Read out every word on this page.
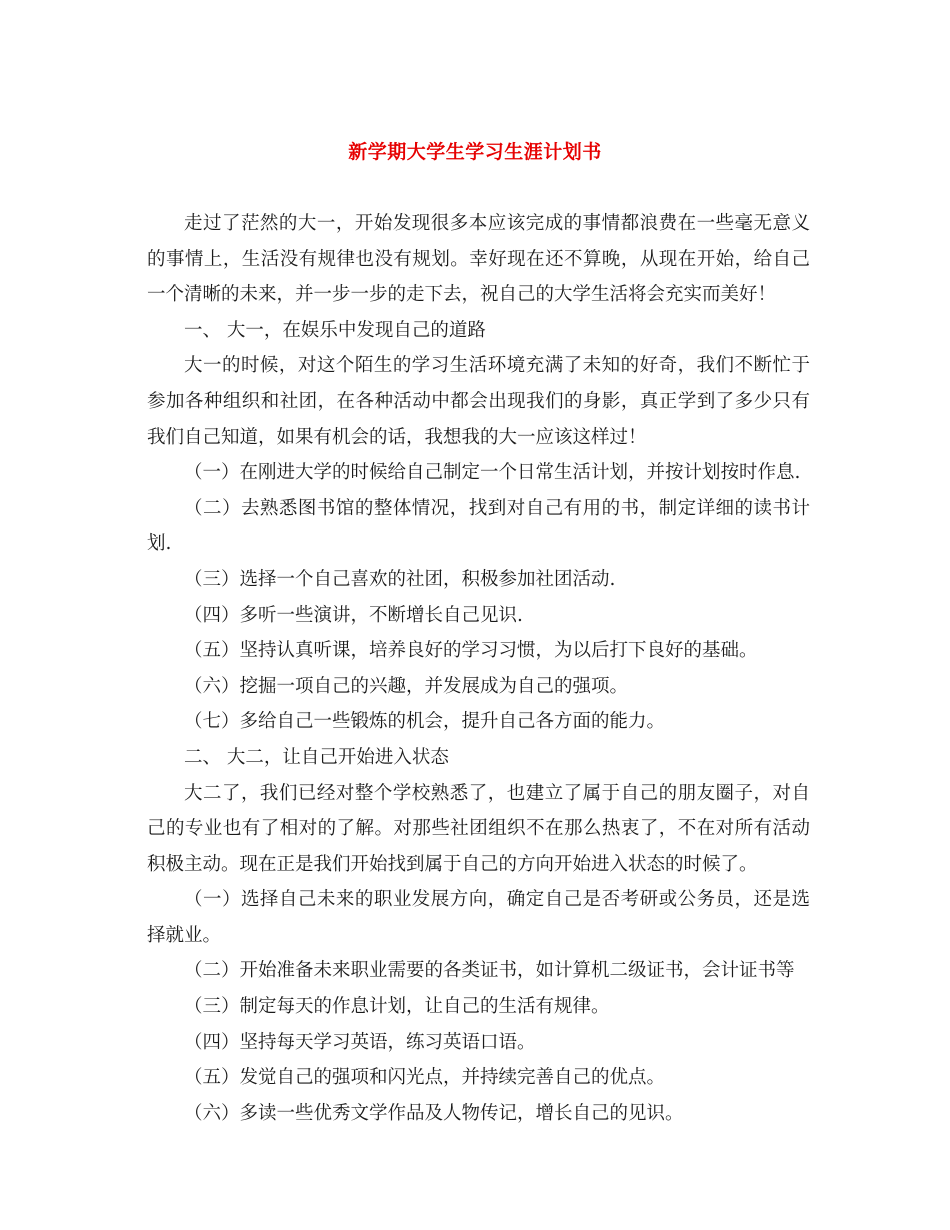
新学期大学生学习生涯计划书

走过了茫然的大一，开始发现很多本应该完成的事情都浪费在一些毫无意义的事情上，生活没有规律也没有规划。幸好现在还不算晚，从现在开始，给自己一个清晰的未来，并一步一步的走下去，祝自己的大学生活将会充实而美好！

一、 大一，在娱乐中发现自己的道路

大一的时候，对这个陌生的学习生活环境充满了未知的好奇，我们不断忙于参加各种组织和社团，在各种活动中都会出现我们的身影，真正学到了多少只有我们自己知道，如果有机会的话，我想我的大一应该这样过！

（一）在刚进大学的时候给自己制定一个日常生活计划，并按计划按时作息.

（二）去熟悉图书馆的整体情况，找到对自己有用的书，制定详细的读书计划.

（三）选择一个自己喜欢的社团，积极参加社团活动.

（四）多听一些演讲，不断增长自己见识.

（五）坚持认真听课，培养良好的学习习惯，为以后打下良好的基础。

（六）挖掘一项自己的兴趣，并发展成为自己的强项。

（七）多给自己一些锻炼的机会，提升自己各方面的能力。

二、 大二，让自己开始进入状态

大二了，我们已经对整个学校熟悉了，也建立了属于自己的朋友圈子，对自己的专业也有了相对的了解。对那些社团组织不在那么热衷了，不在对所有活动积极主动。现在正是我们开始找到属于自己的方向开始进入状态的时候了。

（一）选择自己未来的职业发展方向，确定自己是否考研或公务员，还是选择就业。

（二）开始准备未来职业需要的各类证书，如计算机二级证书，会计证书等

（三）制定每天的作息计划，让自己的生活有规律。

（四）坚持每天学习英语，练习英语口语。

（五）发觉自己的强项和闪光点，并持续完善自己的优点。

（六）多读一些优秀文学作品及人物传记，增长自己的见识。
